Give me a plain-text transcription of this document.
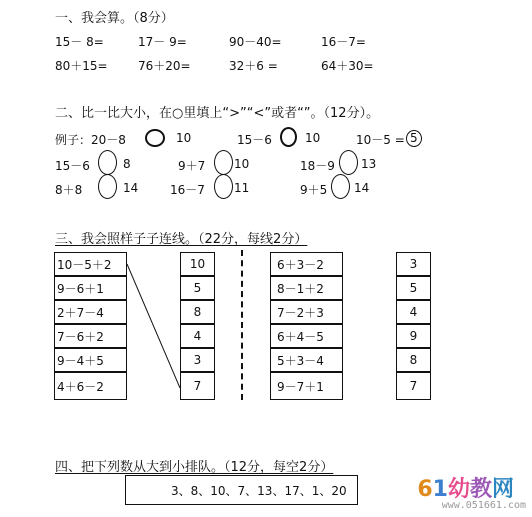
一、我会算。（8分）
15－ 8=	17－ 9=	90－40=	16－7=
80＋15=	76＋20=	32＋6 =	64＋30=
二、比一比大小，在○里填上“>”“<”或者“”。（12分）。
例子：20－8	10	15－6	10	10－5 = 5
15－6	8	9＋7 10	18－9 13
8＋8	14	16－7 11	9＋5 14
三、我会照样子子连线。（22分，每线2分）
10－5＋2
9－6＋1
2＋7－4
7－6＋2
9－4＋5
4＋6－2
10
5
8
4
3
7
6＋3－2
8－1＋2
7－2＋3
6＋4－5
5＋3－4
9－7＋1
3
5
4
9
8
7
四、把下列数从大到小排队。（12分，每空2分）
3、8、10、7、13、17、1、20	61幼教网
www.051661.com
